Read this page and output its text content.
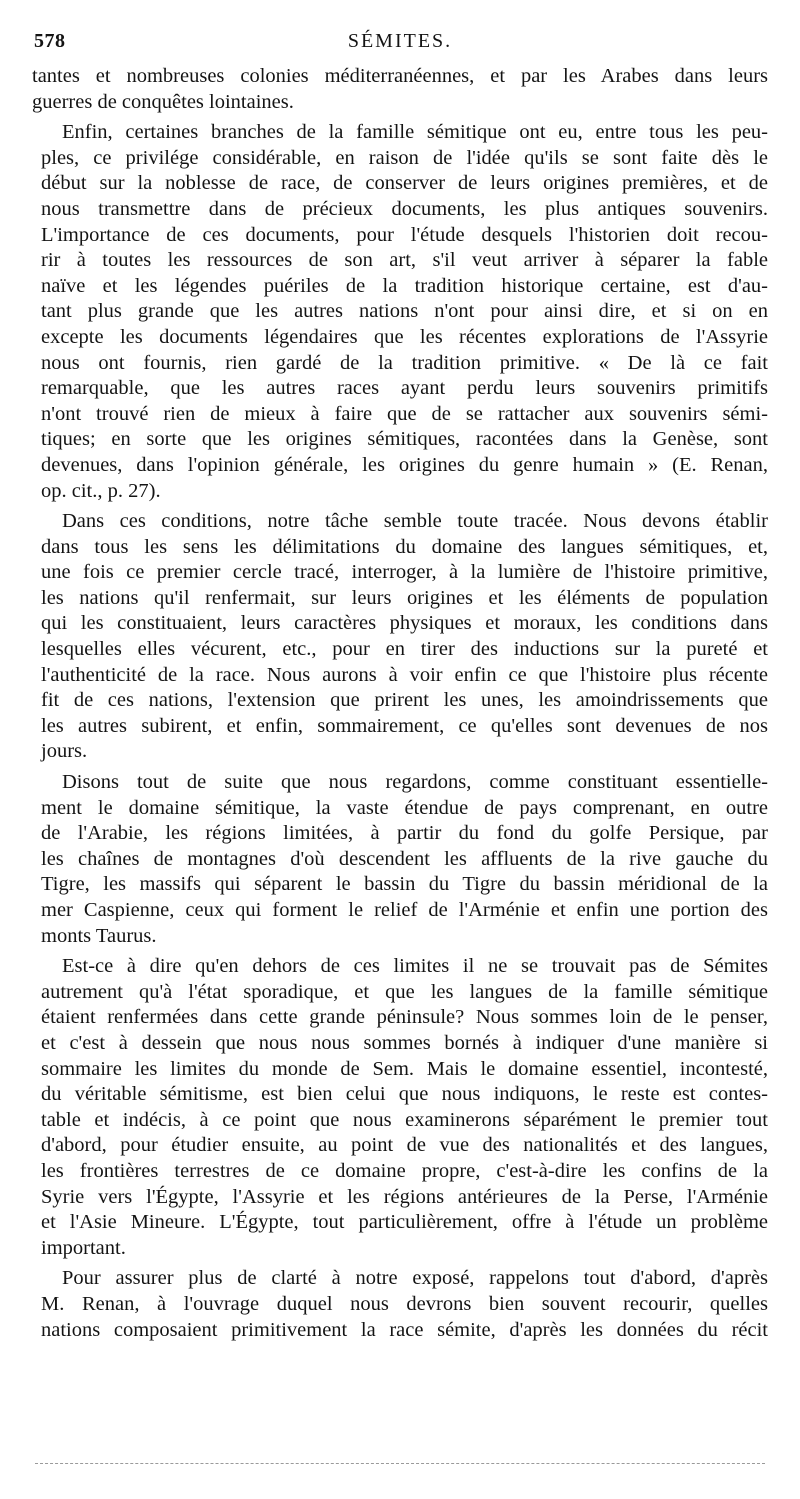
578	SÉMITES.
tantes et nombreuses colonies méditerranéennes, et par les Arabes dans leurs
guerres de conquêtes lointaines.
Enfin, certaines branches de la famille sémitique ont eu, entre tous les peu-
ples, ce privilége considérable, en raison de l'idée qu'ils se sont faite dès le
début sur la noblesse de race, de conserver de leurs origines premières, et de
nous transmettre dans de précieux documents, les plus antiques souvenirs.
L'importance de ces documents, pour l'étude desquels l'historien doit recou-
rir à toutes les ressources de son art, s'il veut arriver à séparer la fable
naïve et les légendes puériles de la tradition historique certaine, est d'au-
tant plus grande que les autres nations n'ont pour ainsi dire, et si on en
excepte les documents légendaires que les récentes explorations de l'Assyrie
nous ont fournis, rien gardé de la tradition primitive. « De là ce fait
remarquable, que les autres races ayant perdu leurs souvenirs primitifs
n'ont trouvé rien de mieux à faire que de se rattacher aux souvenirs sémi-
tiques; en sorte que les origines sémitiques, racontées dans la Genèse, sont
devenues, dans l'opinion générale, les origines du genre humain » (E. Renan,
op. cit., p. 27).
Dans ces conditions, notre tâche semble toute tracée. Nous devons établir
dans tous les sens les délimitations du domaine des langues sémitiques, et,
une fois ce premier cercle tracé, interroger, à la lumière de l'histoire primitive,
les nations qu'il renfermait, sur leurs origines et les éléments de population
qui les constituaient, leurs caractères physiques et moraux, les conditions dans
lesquelles elles vécurent, etc., pour en tirer des inductions sur la pureté et
l'authenticité de la race. Nous aurons à voir enfin ce que l'histoire plus récente
fit de ces nations, l'extension que prirent les unes, les amoindrissements que
les autres subirent, et enfin, sommairement, ce qu'elles sont devenues de nos
jours.
Disons tout de suite que nous regardons, comme constituant essentielle-
ment le domaine sémitique, la vaste étendue de pays comprenant, en outre
de l'Arabie, les régions limitées, à partir du fond du golfe Persique, par
les chaînes de montagnes d'où descendent les affluents de la rive gauche du
Tigre, les massifs qui séparent le bassin du Tigre du bassin méridional de la
mer Caspienne, ceux qui forment le relief de l'Arménie et enfin une portion des
monts Taurus.
Est-ce à dire qu'en dehors de ces limites il ne se trouvait pas de Sémites
autrement qu'à l'état sporadique, et que les langues de la famille sémitique
étaient renfermées dans cette grande péninsule? Nous sommes loin de le penser,
et c'est à dessein que nous nous sommes bornés à indiquer d'une manière si
sommaire les limites du monde de Sem. Mais le domaine essentiel, incontesté,
du véritable sémitisme, est bien celui que nous indiquons, le reste est contes-
table et indécis, à ce point que nous examinerons séparément le premier tout
d'abord, pour étudier ensuite, au point de vue des nationalités et des langues,
les frontières terrestres de ce domaine propre, c'est-à-dire les confins de la
Syrie vers l'Égypte, l'Assyrie et les régions antérieures de la Perse, l'Arménie
et l'Asie Mineure. L'Égypte, tout particulièrement, offre à l'étude un problème
important.
Pour assurer plus de clarté à notre exposé, rappelons tout d'abord, d'après
M. Renan, à l'ouvrage duquel nous devrons bien souvent recourir, quelles
nations composaient primitivement la race sémite, d'après les données du récit
